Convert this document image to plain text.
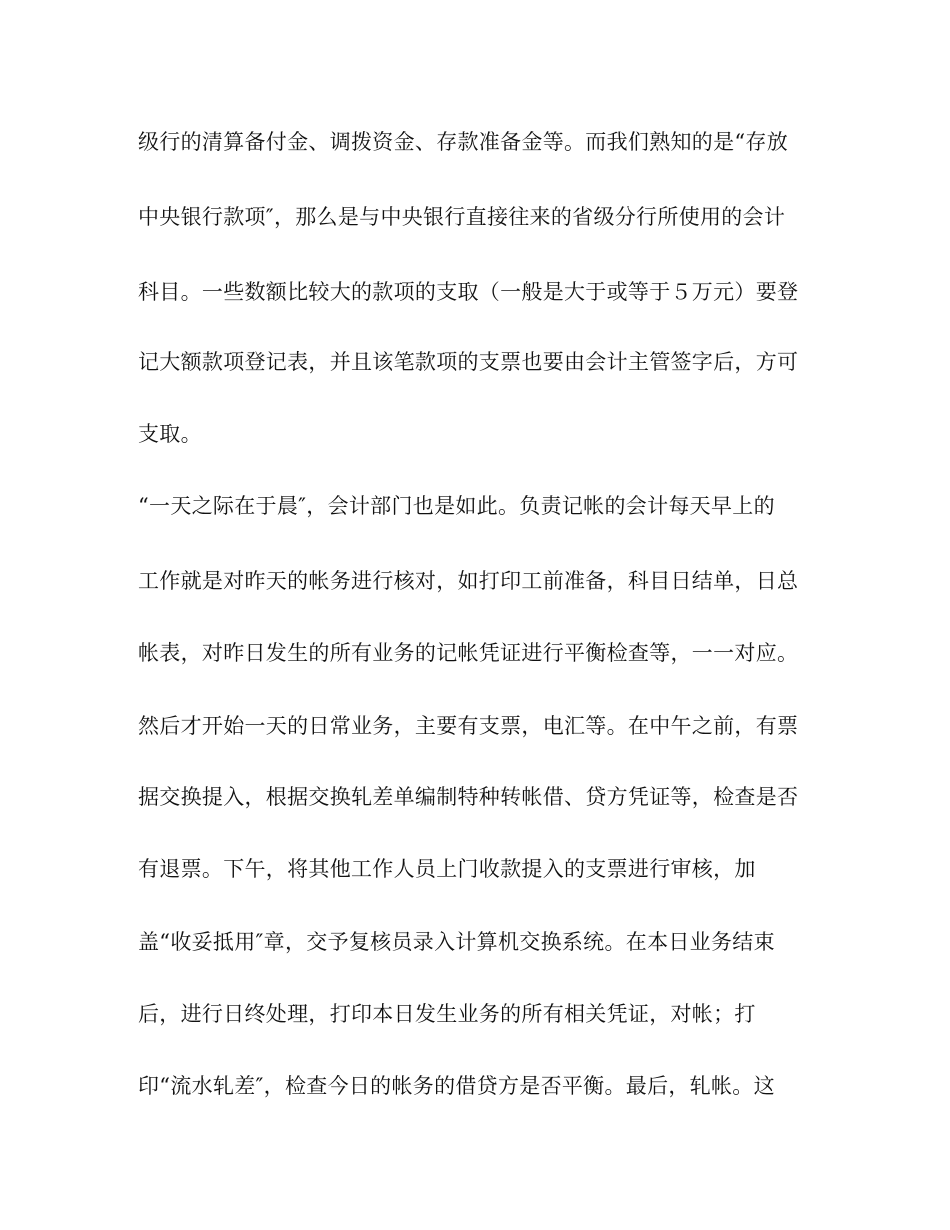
级行的清算备付金、调拨资金、存款准备金等。而我们熟知的是“存放

中央银行款项″，那么是与中央银行直接往来的省级分行所使用的会计

科目。一些数额比较大的款项的支取（一般是大于或等于５万元）要登

记大额款项登记表，并且该笔款项的支票也要由会计主管签字后，方可

支取。

“一天之际在于晨″，会计部门也是如此。负责记帐的会计每天早上的

工作就是对昨天的帐务进行核对，如打印工前准备，科目日结单，日总

帐表，对昨日发生的所有业务的记帐凭证进行平衡检查等，一一对应。

然后才开始一天的日常业务，主要有支票，电汇等。在中午之前，有票

据交换提入，根据交换轧差单编制特种转帐借、贷方凭证等，检查是否

有退票。下午，将其他工作人员上门收款提入的支票进行审核，加

盖“收妥抵用″章，交予复核员录入计算机交换系统。在本日业务结束

后，进行日终处理，打印本日发生业务的所有相关凭证，对帐；打

印“流水轧差″，检查今日的帐务的借贷方是否平衡。最后，轧帐。这
